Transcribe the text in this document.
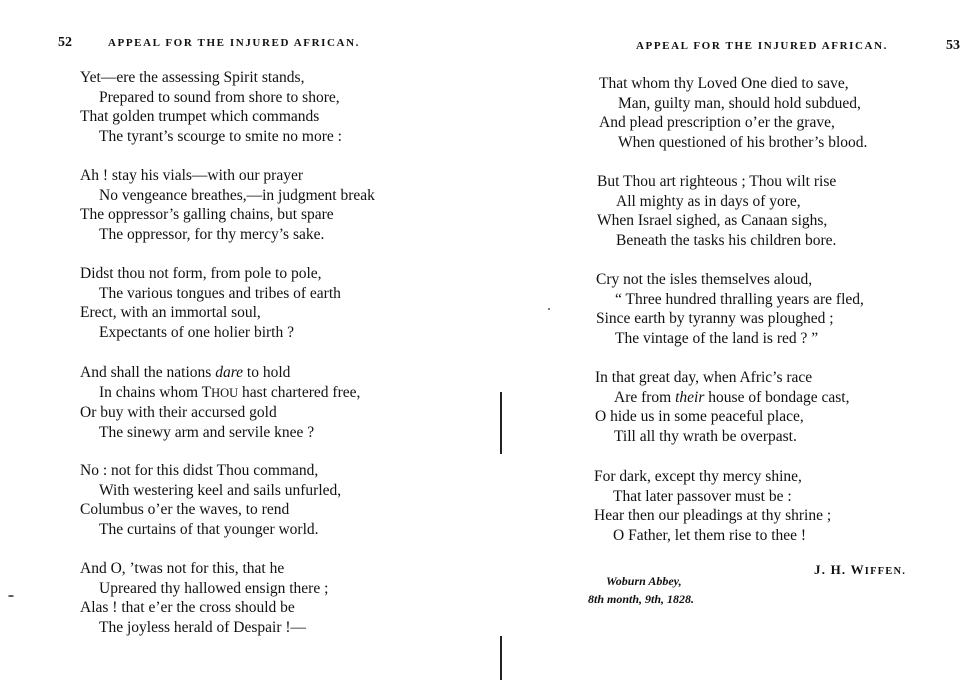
52	APPEAL FOR THE INJURED AFRICAN.
Yet—ere the assessing Spirit stands,
Prepared to sound from shore to shore,
That golden trumpet which commands
The tyrant’s scourge to smite no more :
Ah ! stay his vials—with our prayer
No vengeance breathes,—in judgment break
The oppressor’s galling chains, but spare
The oppressor, for thy mercy’s sake.
Didst thou not form, from pole to pole,
The various tongues and tribes of earth
Erect, with an immortal soul,
Expectants of one holier birth ?
And shall the nations dare to hold
In chains whom THOU hast chartered free,
Or buy with their accursed gold
The sinewy arm and servile knee ?
No : not for this didst Thou command,
With westering keel and sails unfurled,
Columbus o’er the waves, to rend
The curtains of that younger world.
And O, ’twas not for this, that he
Upreared thy hallowed ensign there ;
Alas ! that e’er the cross should be
The joyless herald of Despair !—
APPEAL FOR THE INJURED AFRICAN.	53
That whom thy Loved One died to save,
Man, guilty man, should hold subdued,
And plead prescription o’er the grave,
When questioned of his brother’s blood.
But Thou art righteous ; Thou wilt rise
All mighty as in days of yore,
When Israel sighed, as Canaan sighs,
Beneath the tasks his children bore.
Cry not the isles themselves aloud,
“ Three hundred thralling years are fled,
Since earth by tyranny was ploughed ;
The vintage of the land is red ? ”
In that great day, when Afric’s race
Are from their house of bondage cast,
O hide us in some peaceful place,
Till all thy wrath be overpast.
For dark, except thy mercy shine,
That later passover must be :
Hear then our pleadings at thy shrine ;
O Father, let them rise to thee !
J. H. WIFFEN.
Woburn Abbey,
8th month, 9th, 1828.
